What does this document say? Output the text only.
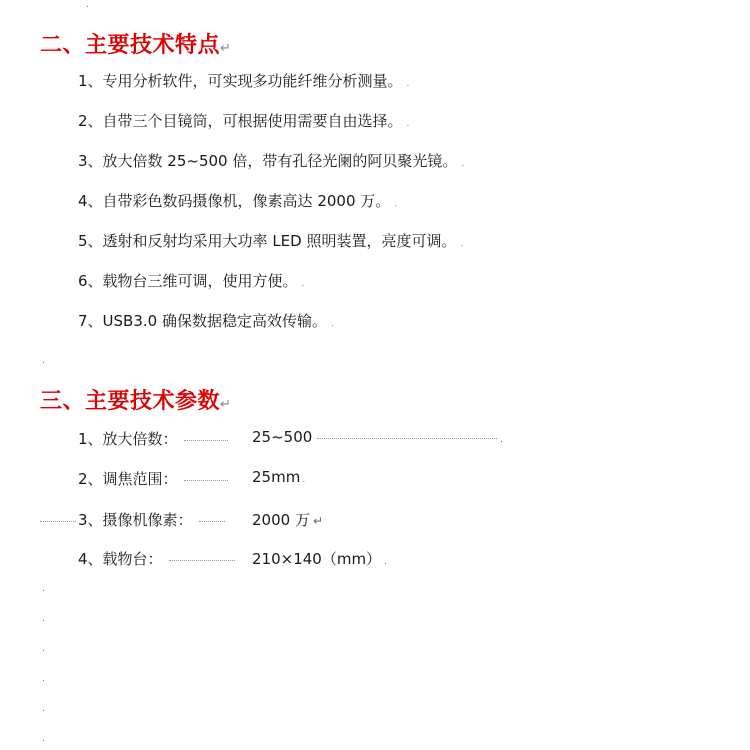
.
二、主要技术特点↵
1、专用分析软件，可实现多功能纤维分析测量。 .
2、自带三个目镜筒，可根据使用需要自由选择。 .
3、放大倍数 25~500 倍，带有孔径光阑的阿贝聚光镜。 .
4、自带彩色数码摄像机，像素高达 2000 万。 .
5、透射和反射均采用大功率 LED 照明装置，亮度可调。 .
6、载物台三维可调，使用方便。 .
7、USB3.0 确保数据稳定高效传输。 .
.
三、主要技术参数↵
1、放大倍数：	25~500	.
2、调焦范围：	25mm .
3、摄像机像素：	2000 万 ↵
4、载物台：	210×140（mm） .
.
.
.
.
.
.
